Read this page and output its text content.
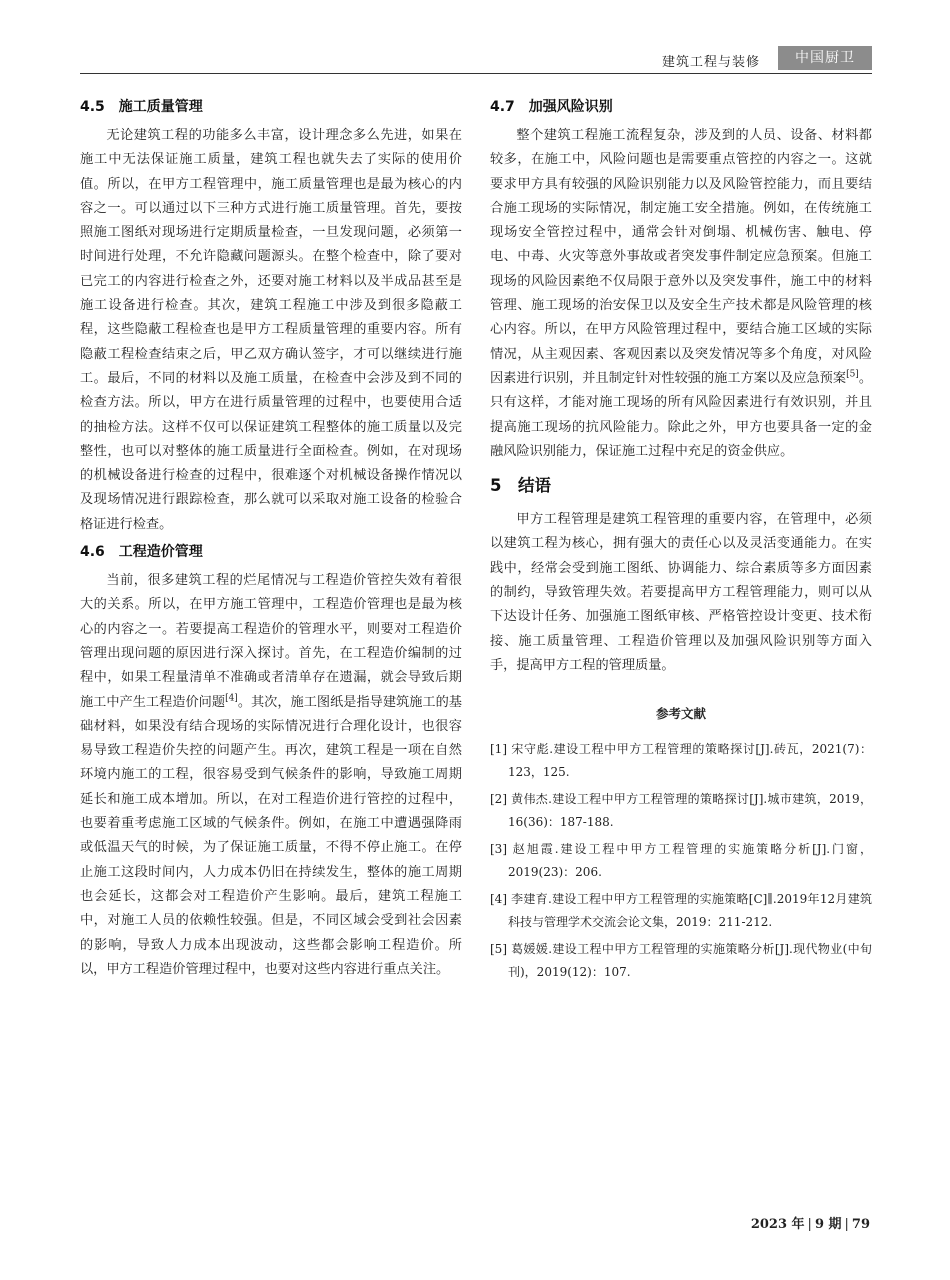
建筑工程与装修	中国厨卫
4.5　施工质量管理

无论建筑工程的功能多么丰富，设计理念多么先进，如果在施工中无法保证施工质量，建筑工程也就失去了实际的使用价值。所以，在甲方工程管理中，施工质量管理也是最为核心的内容之一。可以通过以下三种方式进行施工质量管理。首先，要按照施工图纸对现场进行定期质量检查，一旦发现问题，必须第一时间进行处理，不允许隐藏问题源头。在整个检查中，除了要对已完工的内容进行检查之外，还要对施工材料以及半成品甚至是施工设备进行检查。其次，建筑工程施工中涉及到很多隐蔽工程，这些隐蔽工程检查也是甲方工程质量管理的重要内容。所有隐蔽工程检查结束之后，甲乙双方确认签字，才可以继续进行施工。最后，不同的材料以及施工质量，在检查中会涉及到不同的检查方法。所以，甲方在进行质量管理的过程中，也要使用合适的抽检方法。这样不仅可以保证建筑工程整体的施工质量以及完整性，也可以对整体的施工质量进行全面检查。例如，在对现场的机械设备进行检查的过程中，很难逐个对机械设备操作情况以及现场情况进行跟踪检查，那么就可以采取对施工设备的检验合格证进行检查。

4.6　工程造价管理

当前，很多建筑工程的烂尾情况与工程造价管控失效有着很大的关系。所以，在甲方施工管理中，工程造价管理也是最为核心的内容之一。若要提高工程造价的管理水平，则要对工程造价管理出现问题的原因进行深入探讨。首先，在工程造价编制的过程中，如果工程量清单不准确或者清单存在遗漏，就会导致后期施工中产生工程造价问题[4]。其次，施工图纸是指导建筑施工的基础材料，如果没有结合现场的实际情况进行合理化设计，也很容易导致工程造价失控的问题产生。再次，建筑工程是一项在自然环境内施工的工程，很容易受到气候条件的影响，导致施工周期延长和施工成本增加。所以，在对工程造价进行管控的过程中，也要着重考虑施工区域的气候条件。例如，在施工中遭遇强降雨或低温天气的时候，为了保证施工质量，不得不停止施工。在停止施工这段时间内，人力成本仍旧在持续发生，整体的施工周期也会延长，这都会对工程造价产生影响。最后，建筑工程施工中，对施工人员的依赖性较强。但是，不同区域会受到社会因素的影响，导致人力成本出现波动，这些都会影响工程造价。所以，甲方工程造价管理过程中，也要对这些内容进行重点关注。

4.7　加强风险识别

整个建筑工程施工流程复杂，涉及到的人员、设备、材料都较多，在施工中，风险问题也是需要重点管控的内容之一。这就要求甲方具有较强的风险识别能力以及风险管控能力，而且要结合施工现场的实际情况，制定施工安全措施。例如，在传统施工现场安全管控过程中，通常会针对倒塌、机械伤害、触电、停电、中毒、火灾等意外事故或者突发事件制定应急预案。但施工现场的风险因素绝不仅局限于意外以及突发事件，施工中的材料管理、施工现场的治安保卫以及安全生产技术都是风险管理的核心内容。所以，在甲方风险管理过程中，要结合施工区域的实际情况，从主观因素、客观因素以及突发情况等多个角度，对风险因素进行识别，并且制定针对性较强的施工方案以及应急预案[5]。只有这样，才能对施工现场的所有风险因素进行有效识别，并且提高施工现场的抗风险能力。除此之外，甲方也要具备一定的金融风险识别能力，保证施工过程中充足的资金供应。

5　结语

甲方工程管理是建筑工程管理的重要内容，在管理中，必须以建筑工程为核心，拥有强大的责任心以及灵活变通能力。在实践中，经常会受到施工图纸、协调能力、综合素质等多方面因素的制约，导致管理失效。若要提高甲方工程管理能力，则可以从下达设计任务、加强施工图纸审核、严格管控设计变更、技术衔接、施工质量管理、工程造价管理以及加强风险识别等方面入手，提高甲方工程的管理质量。

参考文献
[1] 宋守彪.建设工程中甲方工程管理的策略探讨[J].砖瓦，2021(7)：123，125.
[2] 黄伟杰.建设工程中甲方工程管理的策略探讨[J].城市建筑，2019，16(36)：187-188.
[3] 赵旭霞.建设工程中甲方工程管理的实施策略分析[J].门窗，2019(23)：206.
[4] 李建育.建设工程中甲方工程管理的实施策略[C]∥.2019年12月建筑科技与管理学术交流会论文集，2019：211-212.
[5] 葛媛媛.建设工程中甲方工程管理的实施策略分析[J].现代物业(中旬刊)，2019(12)：107.
2023 年 | 9 期 | 79
